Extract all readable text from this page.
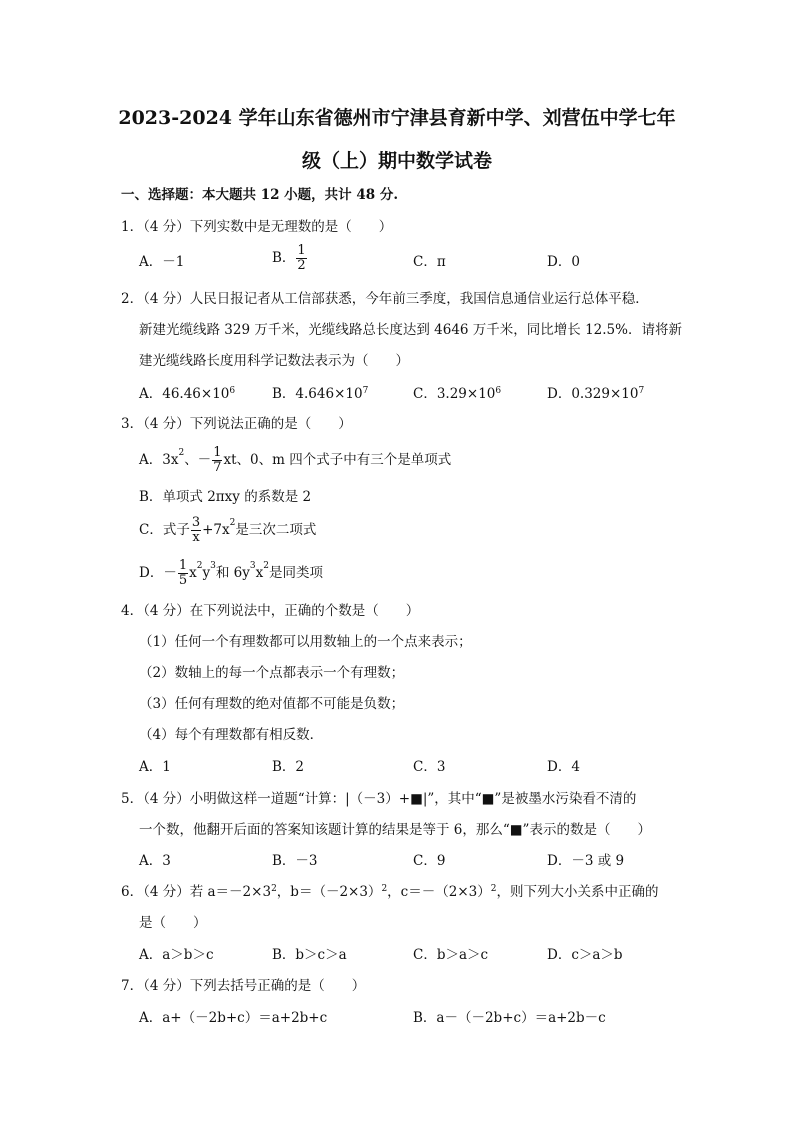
2023-2024 学年山东省德州市宁津县育新中学、刘营伍中学七年
级（上）期中数学试卷
一、选择题：本大题共 12 小题，共计 48 分.
1．（4 分）下列实数中是无理数的是（　　）
A．－1	B． $\frac{1}{2}$	C．π	D．0
2．（4 分）人民日报记者从工信部获悉，今年前三季度，我国信息通信业运行总体平稳．
新建光缆线路 329 万千米，光缆线路总长度达到 4646 万千米，同比增长 12.5%．请将新
建光缆线路长度用科学记数法表示为（　　）
A．$46.46\times 10^6$	B．$4.646\times 10^7$	C．$3.29\times 10^6$	D．$0.329\times 10^7$
3．（4 分）下列说法正确的是（　　）
A．$3x^2$、－ $\frac{1}{7}$ xt、0、m 四个式子中有三个是单项式
B．单项式 2πxy 的系数是 2
C．式子 $\frac{3}{x} +7x^2$是三次二项式
D．－ $\frac{1}{5} x^2y^3$和 $6y^3x^2$是同类项
4．（4 分）在下列说法中，正确的个数是（　　）
（1）任何一个有理数都可以用数轴上的一个点来表示；
（2）数轴上的每一个点都表示一个有理数；
（3）任何有理数的绝对值都不可能是负数；
（4）每个有理数都有相反数．
A．1	B．2	C．3	D．4
5．（4 分）小明做这样一道题“计算：|（－3）+■|”，其中“■”是被墨水污染看不清的
一个数，他翻开后面的答案知该题计算的结果是等于 6，那么“■”表示的数是（　　）
A．3	B．－3	C．9	D．－3 或 9
6．（4 分）若 $a=-2\times 3^2$，$b=(-2\times 3)^2$，$c=-(2\times 3)^2$，则下列大小关系中正确的
是（　　）
A．a＞b＞c	B．b＞c＞a	C．b＞a＞c	D．c＞a＞b
7．（4 分）下列去括号正确的是（　　）
A．a+（－2b+c）＝a+2b+c	B．a－（－2b+c）＝a+2b－c
